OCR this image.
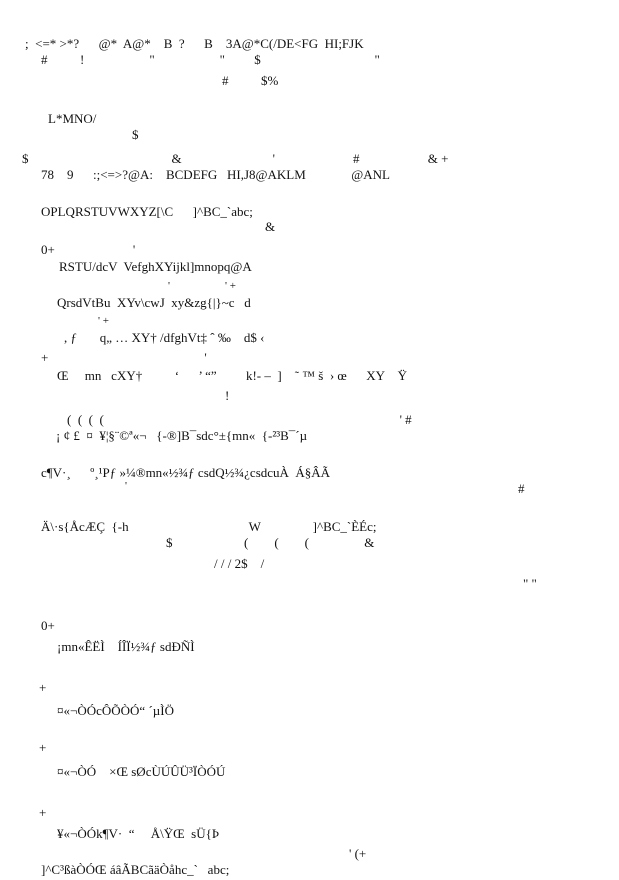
;  <=* >*?      @*  A@*    B  ?      B    3A@*C(/DE<FG  HI;FJK
#          !                    "                    "         $                                   "
#          $%
L*MNO/
$
$                                            &                            '                        #                     & +
78    9      :;<=>?@A:    BCDEFG   HI,J8@AKLM              @ANL
OPLQRSTUVWXYZ[\C      ]^BC_`abc;
&
0+                        '
RSTU/dcV  VefghXYijkl]mnopq@A
'                    ' +
QrsdVtBu  XYv\cwJ  xy&zg{|}~c   d
' +
, ƒ       q„ … XY† /dfghVt‡ ˆ ‰    d$ ‹
+                                                '
Œ     mn   cXY†          ‘      ’ “”         k!- –  ]    ˜ ™ š  › œ      XY    Ÿ
!
(  (  (  (                                                                                           ' #
¡ ¢ £  ¤  ¥¦§¨©ª«¬   {-®]B¯sdc°±{mn«  {-²³B¯´µ
c¶V·¸      º¸¹Pƒ »¼®mn«½¾ƒ csdQ½¾¿csdcuÀ  Á§ÂÃ
'	#
Ä\·s{ÅcÆÇ  {-h                                     W                ]^BC_`ÈÉc;
$                      (        (        (                 &
/ / / 2$    /
" "
0+
¡mn«ÊËÌ    ÍÎÏ½¾ƒ sdÐÑÌ
+
¤«¬ÒÓcÔÕÒÓ“ ´µÌÖ
+
¤«¬ÒÓ    ×Œ sØcÙÚÛÜ³ÏÒÓÚ
+
¥«¬ÒÓk¶V·  “     Å\ŸŒ  sÜ{Þ
' (+
]^C³ßàÒÓŒ áâÃBCãäÒåhc_`   abc;
